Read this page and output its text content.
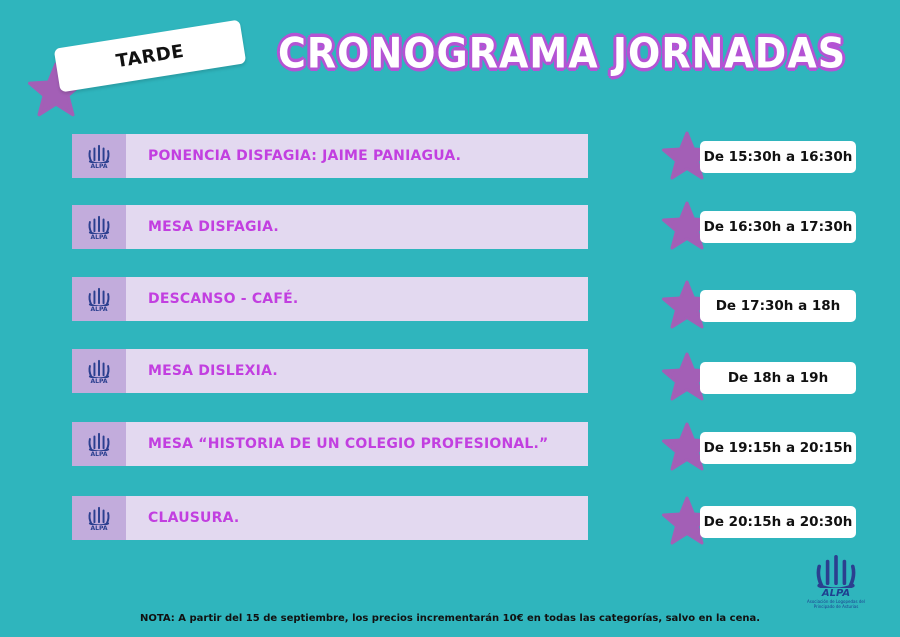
TARDE CRONOGRAMA JORNADAS
ALPA
PONENCIA DISFAGIA: JAIME PANIAGUA.
ALPA
MESA DISFAGIA.
ALPA
DESCANSO - CAFÉ.
ALPA
MESA DISLEXIA.
ALPA
MESA “HISTORIA DE UN COLEGIO PROFESIONAL.”
ALPA
CLAUSURA.
NOTA: A partir del 15 de septiembre, los precios incrementarán 10€ en todas las categorías, salvo en la cena.
ALPA
Asociación de Logopedas del Principado de Asturias
De 15:30h a 16:30h
De 16:30h a 17:30h
De 17:30h a 18h
De 18h a 19h
De 19:15h a 20:15h
De 20:15h a 20:30h
